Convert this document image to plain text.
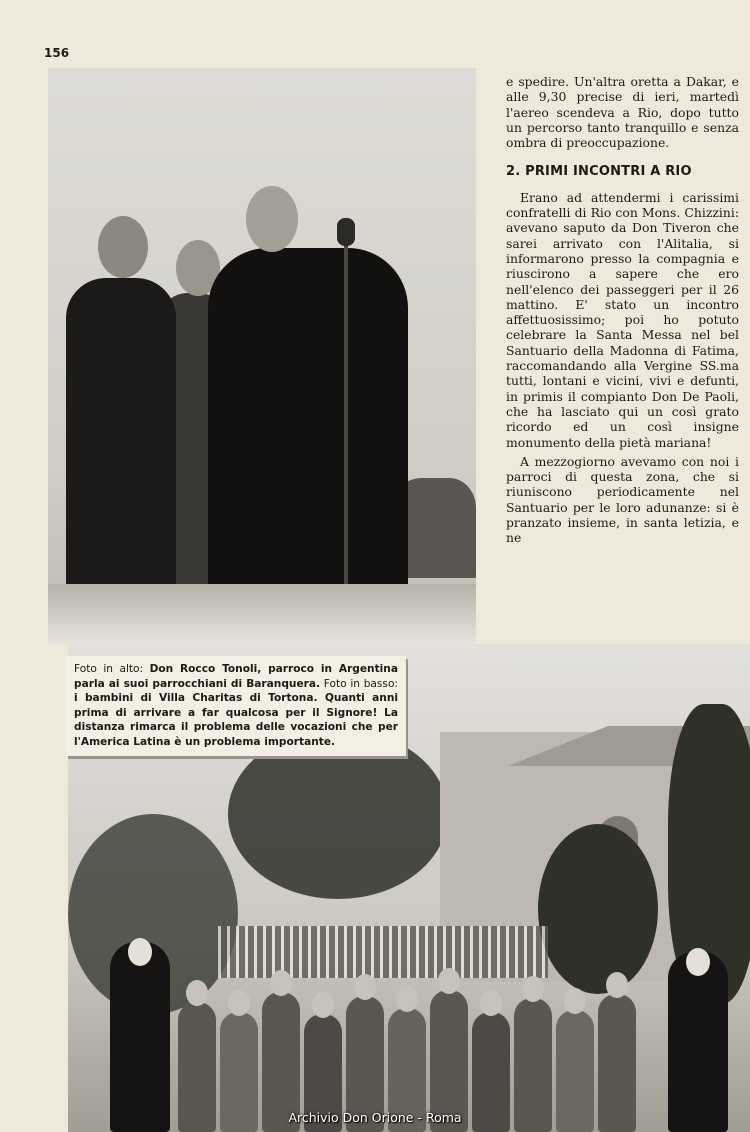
156

e spedire. Un'altra oretta a Dakar, e alle 9,30 precise di ieri, martedì l'aereo scendeva a Rio, dopo tutto un percorso tanto tranquillo e senza ombra di preoccupazione.

2. PRIMI INCONTRI A RIO

Erano ad attendermi i carissimi confratelli di Rio con Mons. Chizzini: avevano saputo da Don Tiveron che sarei arrivato con l'Alitalia, si informarono presso la compagnia e riuscirono a sapere che ero nell'elenco dei passeggeri per il 26 mattino. E' stato un incontro affettuosissimo; poi ho potuto celebrare la Santa Messa nel bel Santuario della Madonna di Fatima, raccomandando alla Vergine SS.ma tutti, lontani e vicini, vivi e defunti, in primis il compianto Don De Paoli, che ha lasciato qui un così grato ricordo ed un così insigne monumento della pietà mariana!

A mezzogiorno avevamo con noi i parroci di questa zona, che si riuniscono periodicamente nel Santuario per le loro adunanze: si è pranzato insieme, in santa letizia, e ne

Foto in alto: Don Rocco Tonoli, parroco in Argentina parla ai suoi parrocchiani di Baranquera. Foto in basso: i bambini di Villa Charitas di Tortona. Quanti anni prima di arrivare a far qualcosa per il Signore! La distanza rimarca il problema delle vocazioni che per l'America Latina è un problema importante.
Archivio Don Orione - Roma
